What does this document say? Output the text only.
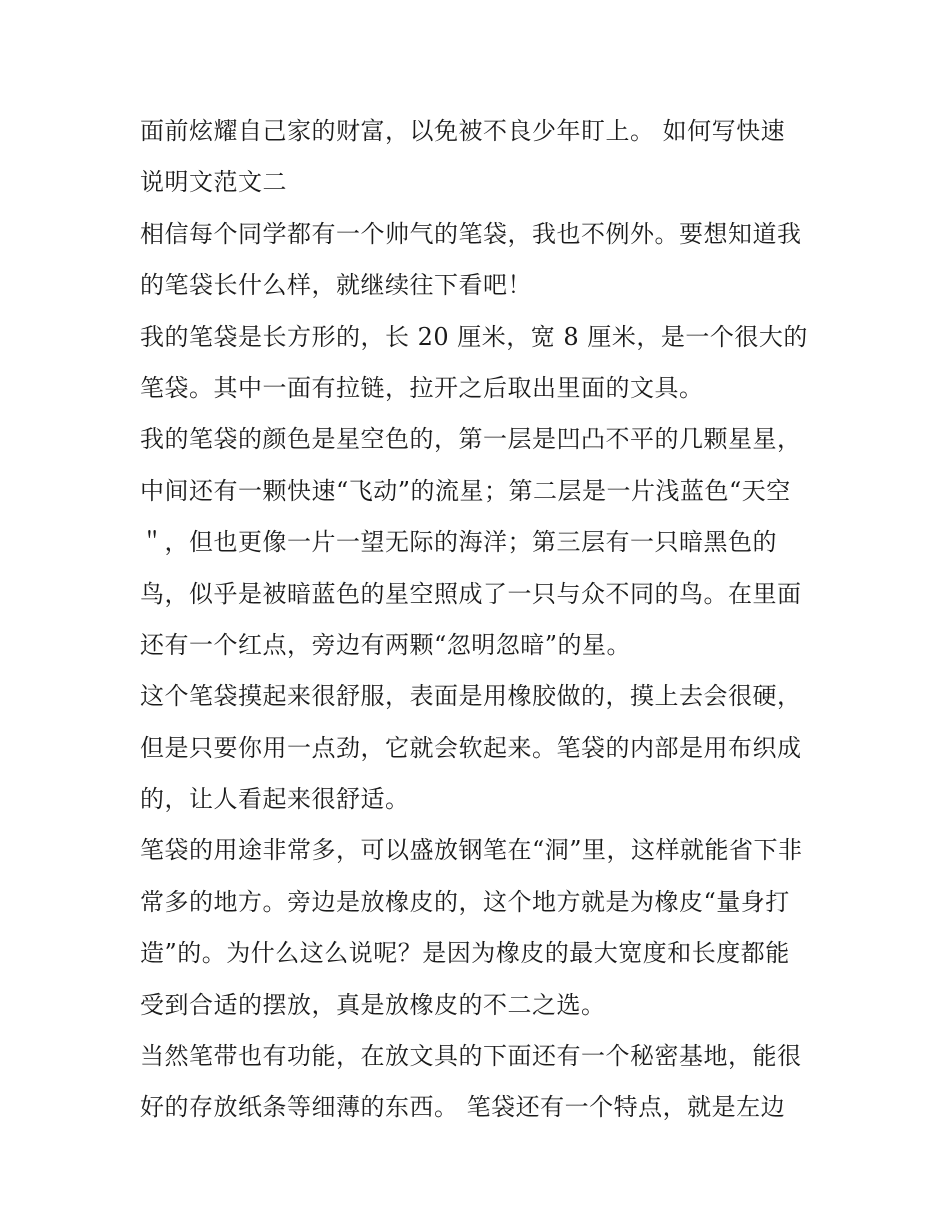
面前炫耀自己家的财富，以免被不良少年盯上。 如何写快速
说明文范文二
相信每个同学都有一个帅气的笔袋，我也不例外。要想知道我
的笔袋长什么样，就继续往下看吧！
我的笔袋是长方形的，长 20 厘米，宽 8 厘米，是一个很大的
笔袋。其中一面有拉链，拉开之后取出里面的文具。
我的笔袋的颜色是星空色的，第一层是凹凸不平的几颗星星，
中间还有一颗快速“飞动”的流星；第二层是一片浅蓝色“天空
＂，但也更像一片一望无际的海洋；第三层有一只暗黑色的
鸟，似乎是被暗蓝色的星空照成了一只与众不同的鸟。在里面
还有一个红点，旁边有两颗“忽明忽暗”的星。
这个笔袋摸起来很舒服，表面是用橡胶做的，摸上去会很硬，
但是只要你用一点劲，它就会软起来。笔袋的内部是用布织成
的，让人看起来很舒适。
笔袋的用途非常多，可以盛放钢笔在“洞”里，这样就能省下非
常多的地方。旁边是放橡皮的，这个地方就是为橡皮“量身打
造”的。为什么这么说呢？是因为橡皮的最大宽度和长度都能
受到合适的摆放，真是放橡皮的不二之选。
当然笔带也有功能，在放文具的下面还有一个秘密基地，能很
好的存放纸条等细薄的东西。 笔袋还有一个特点，就是左边
